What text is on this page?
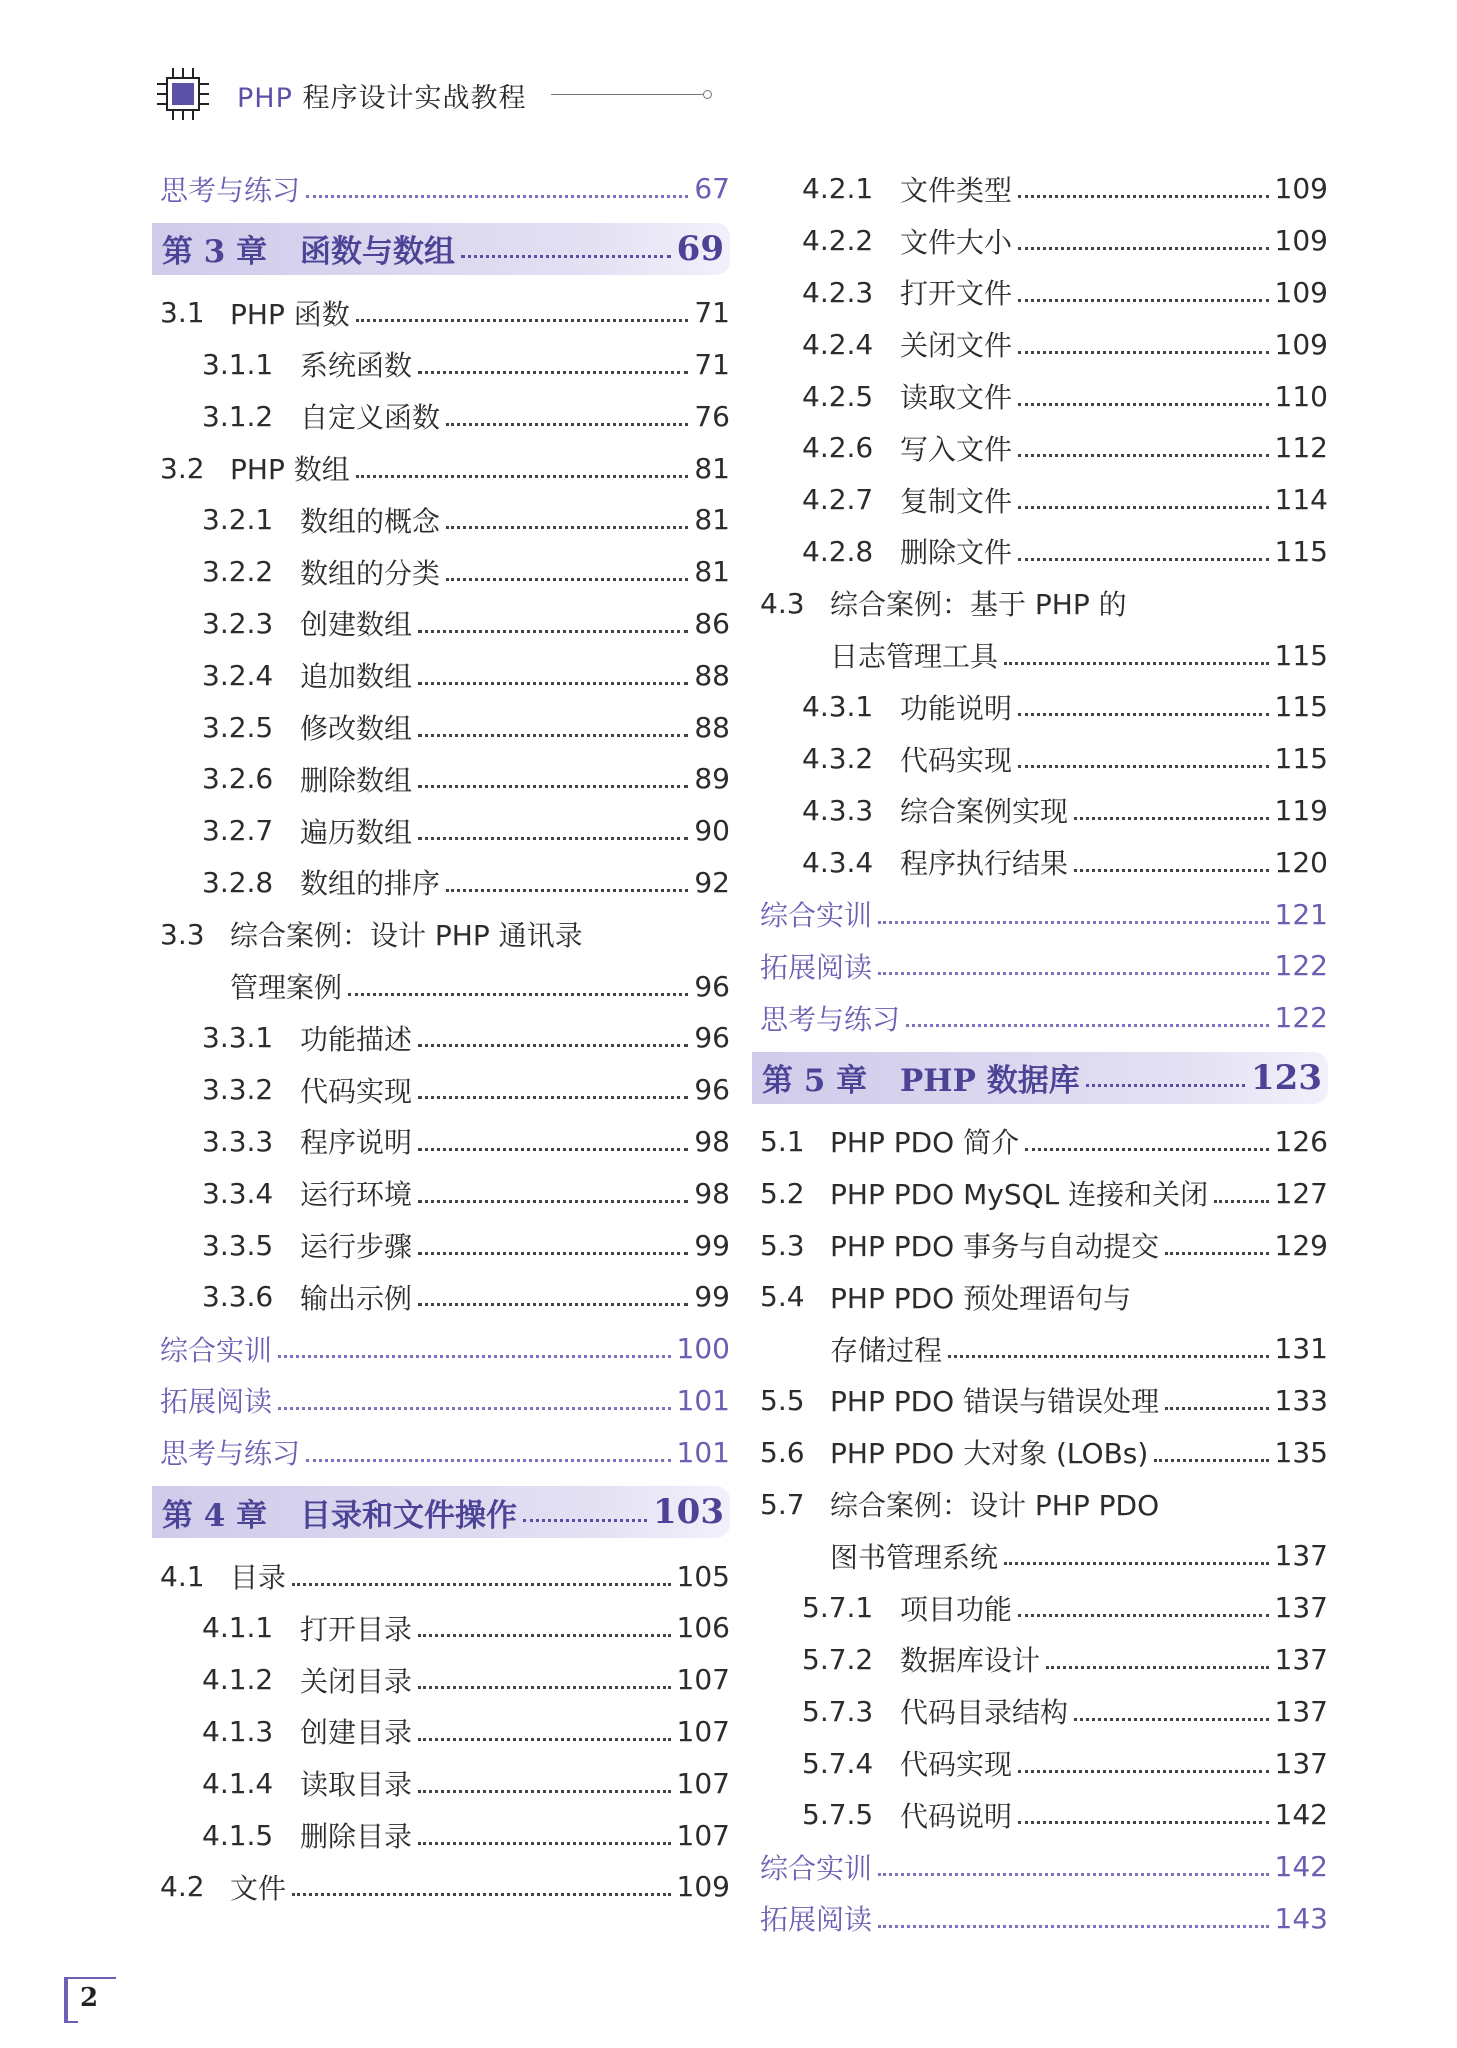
PHP 程序设计实战教程
思考与练习	67
第 3 章	函数与数组	69
3.1 PHP 函数	71
3.1.1 系统函数	71
3.1.2 自定义函数	76
3.2 PHP 数组	81
3.2.1 数组的概念	81
3.2.2 数组的分类	81
3.2.3 创建数组	86
3.2.4 追加数组	88
3.2.5 修改数组	88
3.2.6 删除数组	89
3.2.7 遍历数组	90
3.2.8 数组的排序	92
3.3 综合案例：设计 PHP 通讯录
管理案例	96
3.3.1 功能描述	96
3.3.2 代码实现	96
3.3.3 程序说明	98
3.3.4 运行环境	98
3.3.5 运行步骤	99
3.3.6 输出示例	99
综合实训	100
拓展阅读	101
思考与练习	101
第 4 章	目录和文件操作	103
4.1 目录	105
4.1.1 打开目录	106
4.1.2 关闭目录	107
4.1.3 创建目录	107
4.1.4 读取目录	107
4.1.5 删除目录	107
4.2 文件	109
4.2.1 文件类型	109
4.2.2 文件大小	109
4.2.3 打开文件	109
4.2.4 关闭文件	109
4.2.5 读取文件	110
4.2.6 写入文件	112
4.2.7 复制文件	114
4.2.8 删除文件	115
4.3 综合案例：基于 PHP 的
日志管理工具	115
4.3.1 功能说明	115
4.3.2 代码实现	115
4.3.3 综合案例实现	119
4.3.4 程序执行结果	120
综合实训	121
拓展阅读	122
思考与练习	122
第 5 章	PHP 数据库	123
5.1 PHP PDO 简介	126
5.2 PHP PDO MySQL 连接和关闭 127
5.3 PHP PDO 事务与自动提交	129
5.4 PHP PDO 预处理语句与
存储过程	131
5.5 PHP PDO 错误与错误处理	133
5.6 PHP PDO 大对象 (LOBs)	135
5.7 综合案例：设计 PHP PDO
图书管理系统	137
5.7.1 项目功能	137
5.7.2 数据库设计	137
5.7.3 代码目录结构	137
5.7.4 代码实现	137
5.7.5 代码说明	142
综合实训	142
拓展阅读	143
2
